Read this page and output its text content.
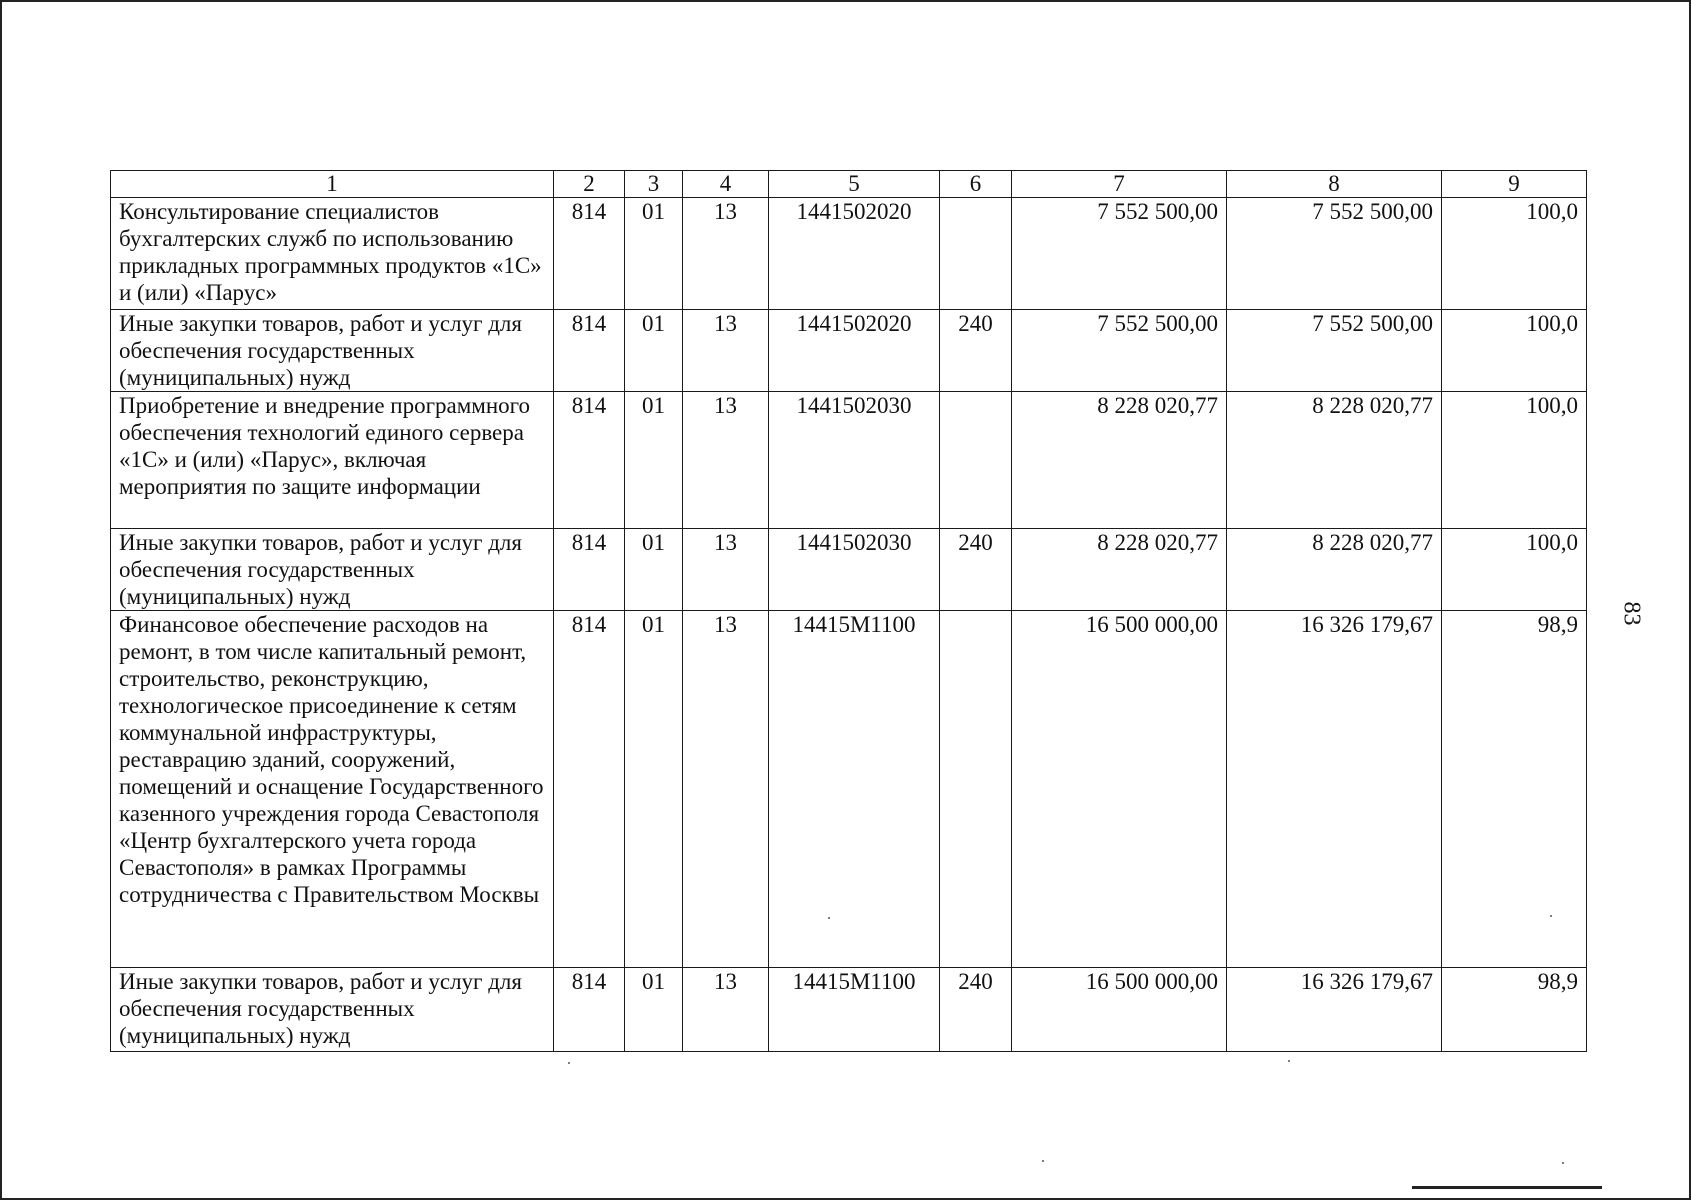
1	2	3	4	5	6	7	8	9
Консультирование специалистов бухгалтерских служб по использованию прикладных программных продуктов «1С» и (или) «Парус»	814	01	13	1441502020		7 552 500,00	7 552 500,00	100,0
Иные закупки товаров, работ и услуг для обеспечения государственных (муниципальных) нужд	814	01	13	1441502020	240	7 552 500,00	7 552 500,00	100,0
Приобретение и внедрение программного обеспечения технологий единого сервера «1С» и (или) «Парус», включая мероприятия по защите информации	814	01	13	1441502030		8 228 020,77	8 228 020,77	100,0
Иные закупки товаров, работ и услуг для обеспечения государственных (муниципальных) нужд	814	01	13	1441502030	240	8 228 020,77	8 228 020,77	100,0
Финансовое обеспечение расходов на ремонт, в том числе капитальный ремонт, строительство, реконструкцию, технологическое присоединение к сетям коммунальной инфраструктуры, реставрацию зданий, сооружений, помещений и оснащение Государственного казенного учреждения города Севастополя «Центр бухгалтерского учета города Севастополя» в рамках Программы сотрудничества с Правительством Москвы	814	01	13	14415М1100		16 500 000,00	16 326 179,67	98,9
Иные закупки товаров, работ и услуг для обеспечения государственных (муниципальных) нужд	814	01	13	14415М1100	240	16 500 000,00	16 326 179,67	98,9
83
